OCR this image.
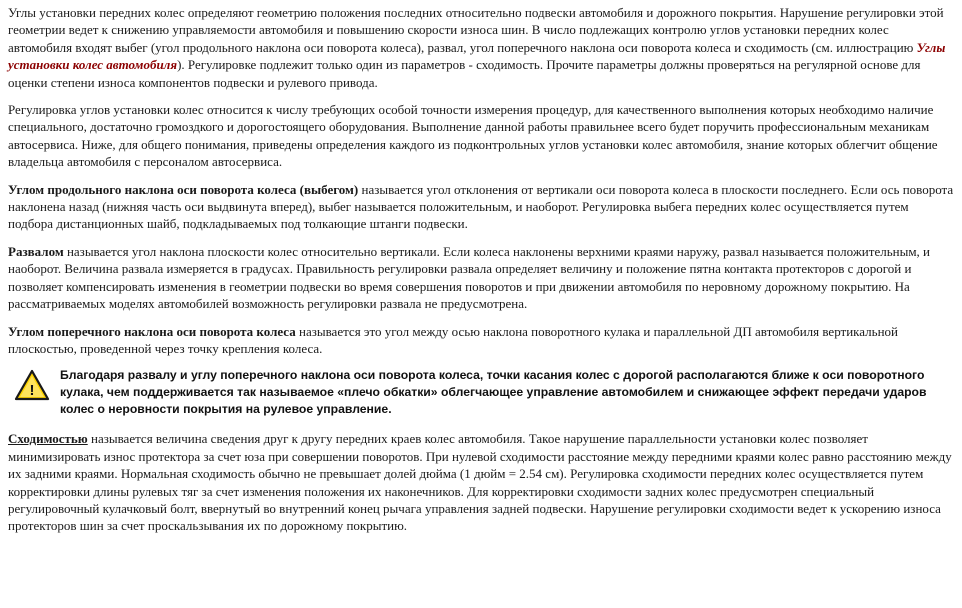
Углы установки передних колес определяют геометрию положения последних относительно подвески автомобиля и дорожного покрытия. Нарушение регулировки этой геометрии ведет к снижению управляемости автомобиля и повышению скорости износа шин. В число подлежащих контролю углов установки передних колес автомобиля входят выбег (угол продольного наклона оси поворота колеса), развал, угол поперечного наклона оси поворота колеса и сходимость (см. иллюстрацию Углы установки колес автомобиля). Регулировке подлежит только один из параметров - сходимость. Прочите параметры должны проверяться на регулярной основе для оценки степени износа компонентов подвески и рулевого привода.

Регулировка углов установки колес относится к числу требующих особой точности измерения процедур, для качественного выполнения которых необходимо наличие специального, достаточно громоздкого и дорогостоящего оборудования. Выполнение данной работы правильнее всего будет поручить профессиональным механикам автосервиса. Ниже, для общего понимания, приведены определения каждого из подконтрольных углов установки колес автомобиля, знание которых облегчит общение владельца автомобиля с персоналом автосервиса.

Углом продольного наклона оси поворота колеса (выбегом) называется угол отклонения от вертикали оси поворота колеса в плоскости последнего. Если ось поворота наклонена назад (нижняя часть оси выдвинута вперед), выбег называется положительным, и наоборот. Регулировка выбега передних колес осуществляется путем подбора дистанционных шайб, подкладываемых под толкающие штанги подвески.

Развалом называется угол наклона плоскости колес относительно вертикали. Если колеса наклонены верхними краями наружу, развал называется положительным, и наоборот. Величина развала измеряется в градусах. Правильность регулировки развала определяет величину и положение пятна контакта протекторов с дорогой и позволяет компенсировать изменения в геометрии подвески во время совершения поворотов и при движении автомобиля по неровному дорожному покрытию. На рассматриваемых моделях автомобилей возможность регулировки развала не предусмотрена.

Углом поперечного наклона оси поворота колеса называется это угол между осью наклона поворотного кулака и параллельной ДП автомобиля вертикальной плоскостью, проведенной через точку крепления колеса.

!
Благодаря развалу и углу поперечного наклона оси поворота колеса, точки касания колес с дорогой располагаются ближе к оси поворотного кулака, чем поддерживается так называемое «плечо обкатки» облегчающее управление автомобилем и снижающее эффект передачи ударов колес о неровности покрытия на рулевое управление.

Сходимостью называется величина сведения друг к другу передних краев колес автомобиля. Такое нарушение параллельности установки колес позволяет минимизировать износ протектора за счет юза при совершении поворотов. При нулевой сходимости расстояние между передними краями колес равно расстоянию между их задними краями. Нормальная сходимость обычно не превышает долей дюйма (1 дюйм = 2.54 см). Регулировка сходимости передних колес осуществляется путем корректировки длины рулевых тяг за счет изменения положения их наконечников. Для корректировки сходимости задних колес предусмотрен специальный регулировочный кулачковый болт, ввернутый во внутренний конец рычага управления задней подвески. Нарушение регулировки сходимости ведет к ускорению износа протекторов шин за счет проскальзывания их по дорожному покрытию.
